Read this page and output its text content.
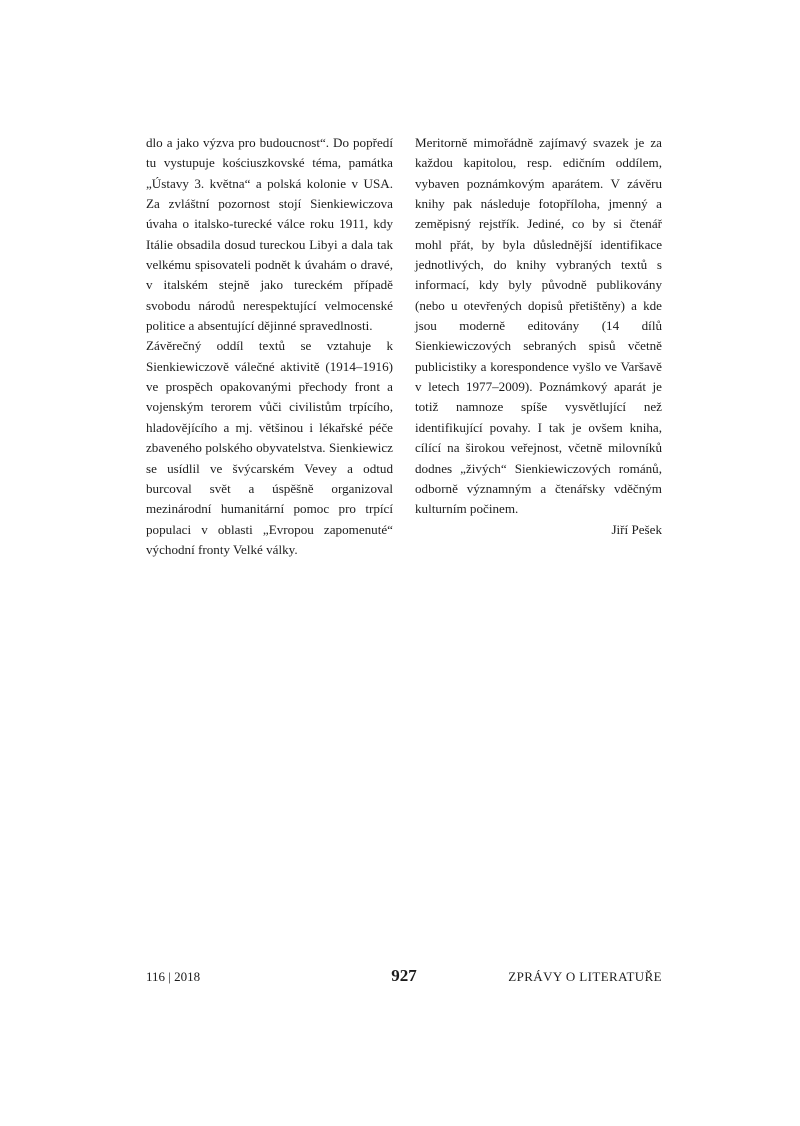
dlo a jako výzva pro budoucnost“. Do popředí tu vystupuje kościuszkovské téma, památka „Ústavy 3. května“ a polská kolonie v USA. Za zvláštní pozornost stojí Sienkiewiczova úvaha o italsko-turecké válce roku 1911, kdy Itálie obsadila dosud tureckou Libyi a dala tak velkému spisovateli podnět k úvahám o dravé, v italském stejně jako tureckém případě svobodu národů nerespektující velmocenské politice a absentující dějinné spravedlnosti.

Závěrečný oddíl textů se vztahuje k Sienkiewiczově válečné aktivitě (1914–1916) ve prospěch opakovanými přechody front a vojenským terorem vůči civilistům trpícího, hladovějícího a mj. většinou i lékařské péče zbaveného polského obyvatelstva. Sienkiewicz se usídlil ve švýcarském Vevey a odtud burcoval svět a úspěšně organizoval mezinárodní humanitární pomoc pro trpící populaci v oblasti „Evropou zapomenuté“ východní fronty Velké války.

Meritorně mimořádně zajímavý svazek je za každou kapitolou, resp. edičním oddílem, vybaven poznámkovým aparátem. V závěru knihy pak následuje fotopříloha, jmenný a zeměpisný rejstřík. Jediné, co by si čtenář mohl přát, by byla důslednější identifikace jednotlivých, do knihy vybraných textů s informací, kdy byly původně publikovány (nebo u otevřených dopisů přetištěny) a kde jsou moderně editovány (14 dílů Sienkiewiczových sebraných spisů včetně publicistiky a korespondence vyšlo ve Varšavě v letech 1977–2009). Poznámkový aparát je totiž namnoze spíše vysvětlující než identifikující povahy. I tak je ovšem kniha, cílící na širokou veřejnost, včetně milovníků dodnes „živých“ Sienkiewiczových románů, odborně významným a čtenářsky vděčným kulturním počinem.

Jiří Pešek

116 | 2018	927	ZPRÁVY O LITERATUŘE
